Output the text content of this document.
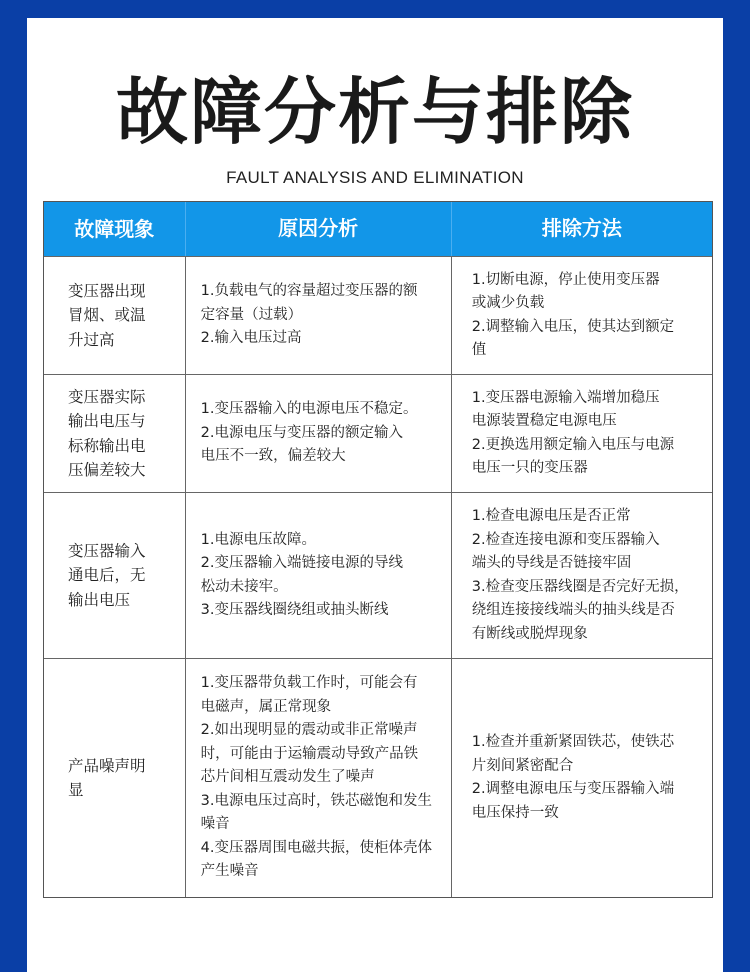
故障分析与排除
FAULT ANALYSIS AND ELIMINATION
故障现象	原因分析	排除方法
变压器出现
冒烟、或温
升过高
1.负载电气的容量超过变压器的额
定容量（过载）
2.输入电压过高
1.切断电源，停止使用变压器
或减少负载
2.调整输入电压，使其达到额定
值
变压器实际
输出电压与
标称输出电
压偏差较大
1.变压器输入的电源电压不稳定。
2.电源电压与变压器的额定输入
电压不一致，偏差较大
1.变压器电源输入端增加稳压
电源装置稳定电源电压
2.更换选用额定输入电压与电源
电压一只的变压器
变压器输入
通电后，无
输出电压
1.电源电压故障。
2.变压器输入端链接电源的导线
松动未接牢。
3.变压器线圈绕组或抽头断线
1.检查电源电压是否正常
2.检查连接电源和变压器输入
端头的导线是否链接牢固
3.检查变压器线圈是否完好无损，
绕组连接接线端头的抽头线是否
有断线或脱焊现象
产品噪声明
显
1.变压器带负载工作时，可能会有
电磁声，属正常现象
2.如出现明显的震动或非正常噪声
时，可能由于运输震动导致产品铁
芯片间相互震动发生了噪声
3.电源电压过高时，铁芯磁饱和发生
噪音
4.变压器周围电磁共振，使柜体壳体
产生噪音
1.检查并重新紧固铁芯，使铁芯
片刻间紧密配合
2.调整电源电压与变压器输入端
电压保持一致
